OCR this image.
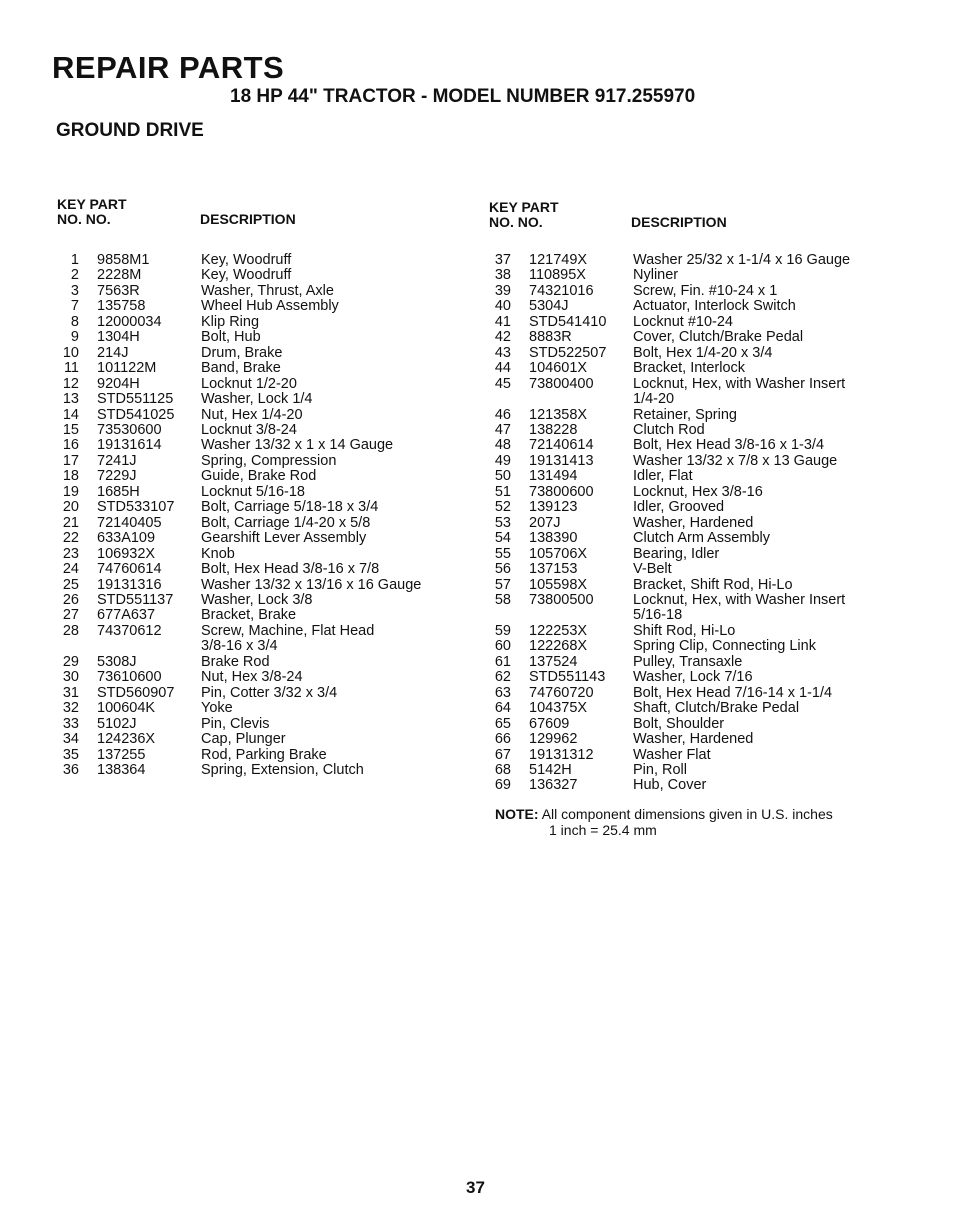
REPAIR PARTS
18 HP 44" TRACTOR - MODEL NUMBER 917.255970
GROUND DRIVE
KEY PART
NO. NO.	DESCRIPTION
1	9858M1	Key, Woodruff
2	2228M	Key, Woodruff
3	7563R	Washer, Thrust, Axle
7	135758	Wheel Hub Assembly
8	12000034	Klip Ring
9	1304H	Bolt, Hub
10	214J	Drum, Brake
11	101122M	Band, Brake
12	9204H	Locknut 1/2-20
13	STD551125	Washer, Lock 1/4
14	STD541025	Nut, Hex 1/4-20
15	73530600	Locknut 3/8-24
16	19131614	Washer 13/32 x 1 x 14 Gauge
17	7241J	Spring, Compression
18	7229J	Guide, Brake Rod
19	1685H	Locknut 5/16-18
20	STD533107	Bolt, Carriage 5/18-18 x 3/4
21	72140405	Bolt, Carriage 1/4-20 x 5/8
22	633A109	Gearshift Lever Assembly
23	106932X	Knob
24	74760614	Bolt, Hex Head 3/8-16 x 7/8
25	19131316	Washer 13/32 x 13/16 x 16 Gauge
26	STD551137	Washer, Lock 3/8
27	677A637	Bracket, Brake
28	74370612	Screw, Machine, Flat Head
3/8-16 x 3/4
29	5308J	Brake Rod
30	73610600	Nut, Hex 3/8-24
31	STD560907	Pin, Cotter 3/32 x 3/4
32	100604K	Yoke
33	5102J	Pin, Clevis
34	124236X	Cap, Plunger
35	137255	Rod, Parking Brake
36	138364	Spring, Extension, Clutch
KEY PART
NO. NO.	DESCRIPTION
37	121749X	Washer 25/32 x 1-1/4 x 16 Gauge
38	110895X	Nyliner
39	74321016	Screw, Fin. #10-24 x 1
40	5304J	Actuator, Interlock Switch
41	STD541410	Locknut #10-24
42	8883R	Cover, Clutch/Brake Pedal
43	STD522507	Bolt, Hex 1/4-20 x 3/4
44	104601X	Bracket, Interlock
45	73800400	Locknut, Hex, with Washer Insert
1/4-20
46	121358X	Retainer, Spring
47	138228	Clutch Rod
48	72140614	Bolt, Hex Head 3/8-16 x 1-3/4
49	19131413	Washer 13/32 x 7/8 x 13 Gauge
50	131494	Idler, Flat
51	73800600	Locknut, Hex 3/8-16
52	139123	Idler, Grooved
53	207J	Washer, Hardened
54	138390	Clutch Arm Assembly
55	105706X	Bearing, Idler
56	137153	V-Belt
57	105598X	Bracket, Shift Rod, Hi-Lo
58	73800500	Locknut, Hex, with Washer Insert
5/16-18
59	122253X	Shift Rod, Hi-Lo
60	122268X	Spring Clip, Connecting Link
61	137524	Pulley, Transaxle
62	STD551143	Washer, Lock 7/16
63	74760720	Bolt, Hex Head 7/16-14 x 1-1/4
64	104375X	Shaft, Clutch/Brake Pedal
65	67609	Bolt, Shoulder
66	129962	Washer, Hardened
67	19131312	Washer Flat
68	5142H	Pin, Roll
69	136327	Hub, Cover
NOTE: All component dimensions given in U.S. inches
1 inch = 25.4 mm
37
